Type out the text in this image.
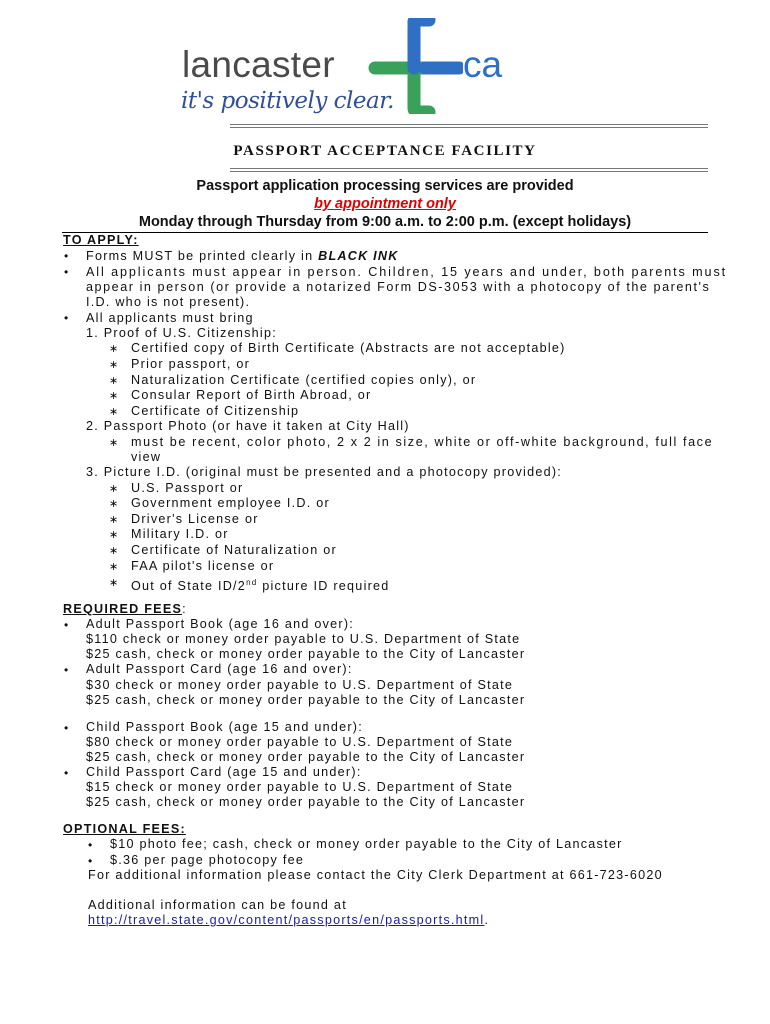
lancaster	ca
it's positively clear.
PASSPORT ACCEPTANCE FACILITY
Passport application processing services are provided
by appointment only
Monday through Thursday from 9:00 a.m. to 2:00 p.m. (except holidays)
TO APPLY:
• Forms MUST be printed clearly in BLACK INK
• All applicants must appear in person. Children, 15 years and under, both parents must
appear in person (or provide a notarized Form DS-3053 with a photocopy of the parent's
I.D. who is not present).
• All applicants must bring
1. Proof of U.S. Citizenship:
∗ Certified copy of Birth Certificate (Abstracts are not acceptable)
∗ Prior passport, or
∗ Naturalization Certificate (certified copies only), or
∗ Consular Report of Birth Abroad, or
∗ Certificate of Citizenship
2. Passport Photo (or have it taken at City Hall)
∗ must be recent, color photo, 2 x 2 in size, white or off-white background, full face
view
3. Picture I.D. (original must be presented and a photocopy provided):
∗ U.S. Passport or
∗ Government employee I.D. or
∗ Driver's License or
∗ Military I.D. or
∗ Certificate of Naturalization or
∗ FAA pilot's license or
∗ Out of State ID/2nd picture ID required
REQUIRED FEES:
• Adult Passport Book (age 16 and over):
$110 check or money order payable to U.S. Department of State
$25 cash, check or money order payable to the City of Lancaster
• Adult Passport Card (age 16 and over):
$30 check or money order payable to U.S. Department of State
$25 cash, check or money order payable to the City of Lancaster
• Child Passport Book (age 15 and under):
$80 check or money order payable to U.S. Department of State
$25 cash, check or money order payable to the City of Lancaster
• Child Passport Card (age 15 and under):
$15 check or money order payable to U.S. Department of State
$25 cash, check or money order payable to the City of Lancaster
OPTIONAL FEES:
• $10 photo fee; cash, check or money order payable to the City of Lancaster
• $.36 per page photocopy fee
For additional information please contact the City Clerk Department at 661-723-6020
Additional information can be found at
http://travel.state.gov/content/passports/en/passports.html.
